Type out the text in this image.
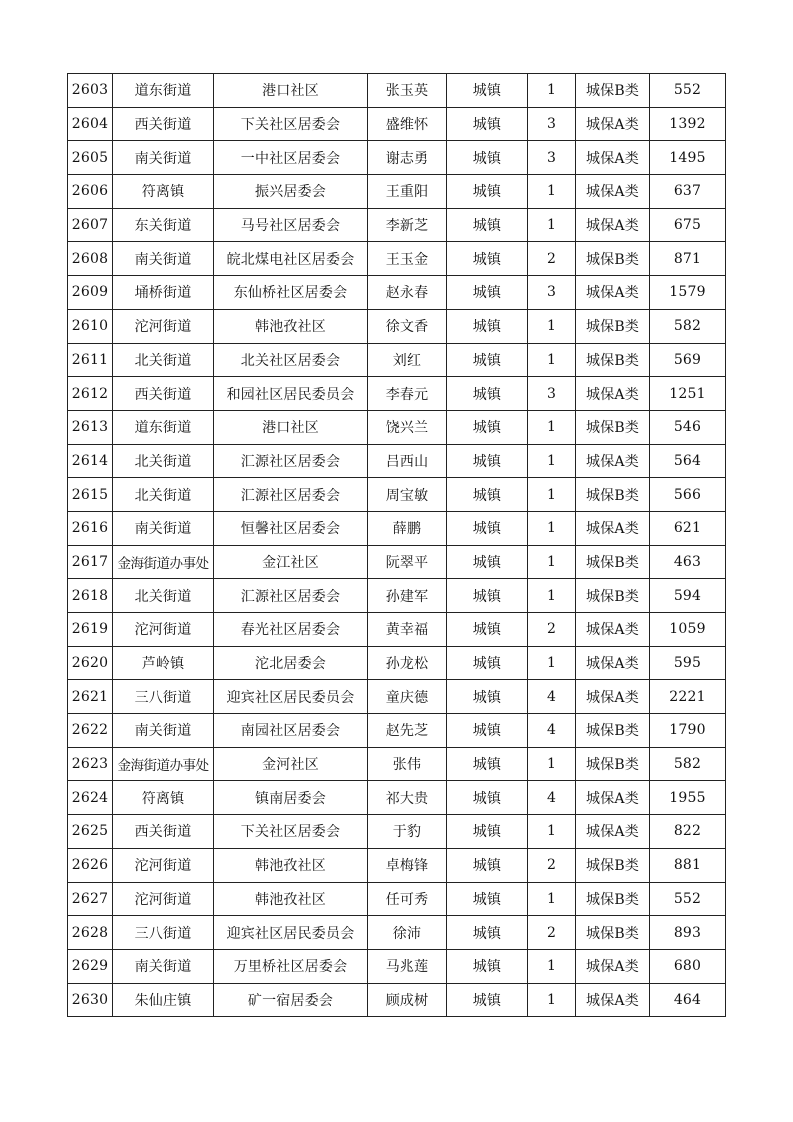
2603	道东街道	港口社区	张玉英	城镇	1	城保B类	552
2604	西关街道	下关社区居委会	盛维怀	城镇	3	城保A类	1392
2605	南关街道	一中社区居委会	谢志勇	城镇	3	城保A类	1495
2606	符离镇	振兴居委会	王重阳	城镇	1	城保A类	637
2607	东关街道	马号社区居委会	李新芝	城镇	1	城保A类	675
2608	南关街道	皖北煤电社区居委会	王玉金	城镇	2	城保B类	871
2609	埇桥街道	东仙桥社区居委会	赵永春	城镇	3	城保A类	1579
2610	沱河街道	韩池孜社区	徐文香	城镇	1	城保B类	582
2611	北关街道	北关社区居委会	刘红	城镇	1	城保B类	569
2612	西关街道	和园社区居民委员会	李春元	城镇	3	城保A类	1251
2613	道东街道	港口社区	饶兴兰	城镇	1	城保B类	546
2614	北关街道	汇源社区居委会	吕西山	城镇	1	城保A类	564
2615	北关街道	汇源社区居委会	周宝敏	城镇	1	城保B类	566
2616	南关街道	恒馨社区居委会	薛鹏	城镇	1	城保A类	621
2617	金海街道办事处	金江社区	阮翠平	城镇	1	城保B类	463
2618	北关街道	汇源社区居委会	孙建军	城镇	1	城保B类	594
2619	沱河街道	春光社区居委会	黄幸福	城镇	2	城保A类	1059
2620	芦岭镇	沱北居委会	孙龙松	城镇	1	城保A类	595
2621	三八街道	迎宾社区居民委员会	童庆德	城镇	4	城保A类	2221
2622	南关街道	南园社区居委会	赵先芝	城镇	4	城保B类	1790
2623	金海街道办事处	金河社区	张伟	城镇	1	城保B类	582
2624	符离镇	镇南居委会	祁大贵	城镇	4	城保A类	1955
2625	西关街道	下关社区居委会	于豹	城镇	1	城保A类	822
2626	沱河街道	韩池孜社区	卓梅锋	城镇	2	城保B类	881
2627	沱河街道	韩池孜社区	任可秀	城镇	1	城保B类	552
2628	三八街道	迎宾社区居民委员会	徐沛	城镇	2	城保B类	893
2629	南关街道	万里桥社区居委会	马兆莲	城镇	1	城保A类	680
2630	朱仙庄镇	矿一宿居委会	顾成树	城镇	1	城保A类	464
